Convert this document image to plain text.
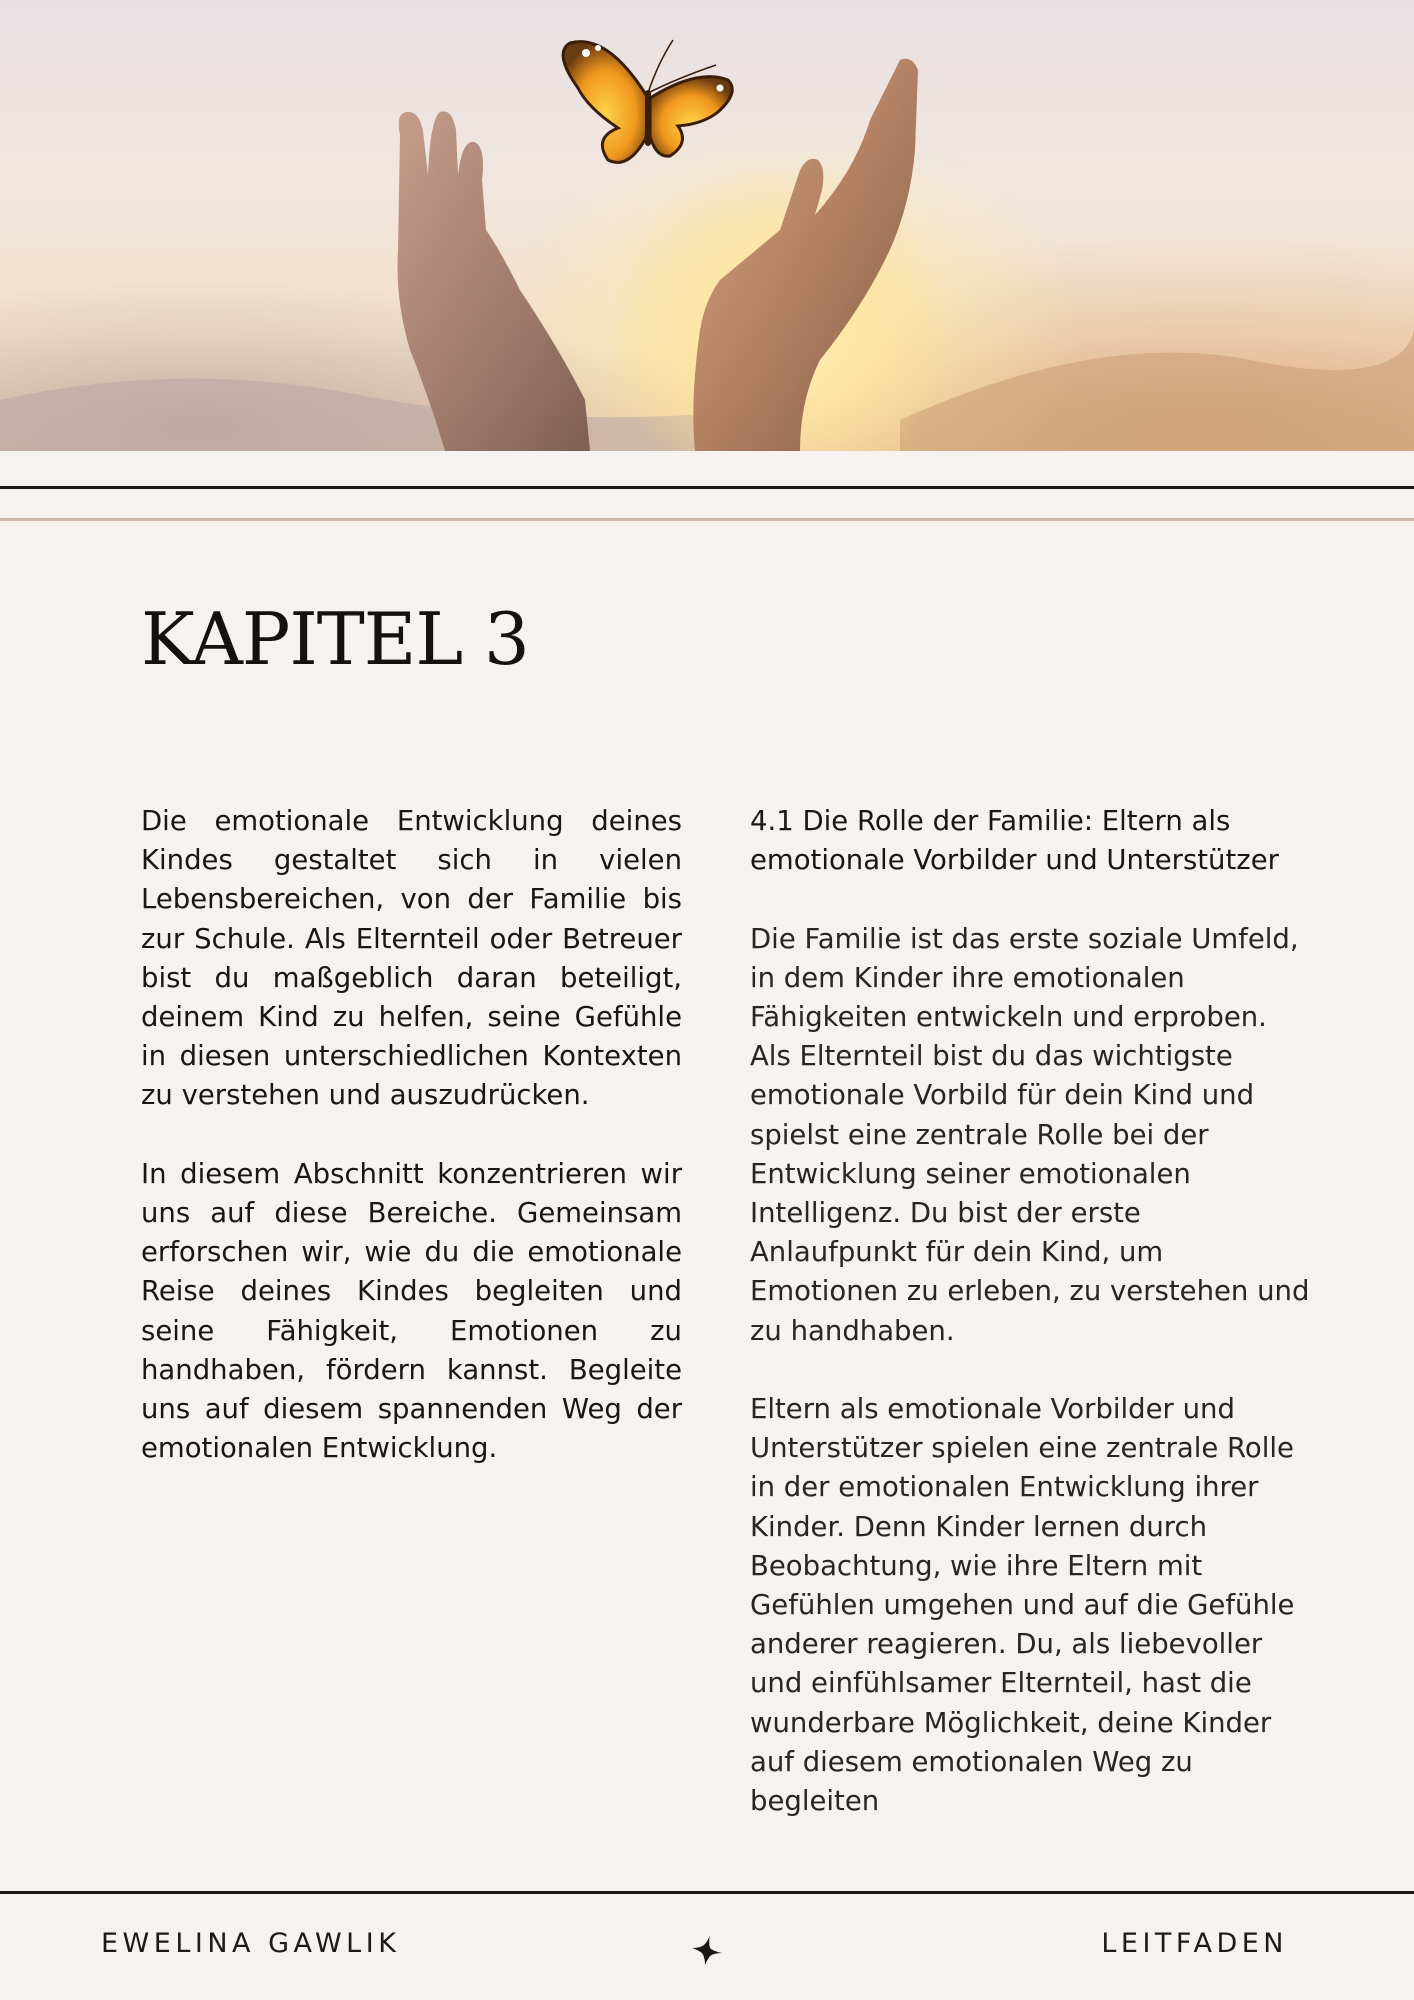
KAPITEL 3

Die emotionale Entwicklung deines Kindes gestaltet sich in vielen Lebensbereichen, von der Familie bis zur Schule. Als Elternteil oder Betreuer bist du maßgeblich daran beteiligt, deinem Kind zu helfen, seine Gefühle in diesen unterschiedlichen Kontexten zu verstehen und auszudrücken.

In diesem Abschnitt konzentrieren wir uns auf diese Bereiche. Gemeinsam erforschen wir, wie du die emotionale Reise deines Kindes begleiten und seine Fähigkeit, Emotionen zu handhaben, fördern kannst. Begleite uns auf diesem spannenden Weg der emotionalen Entwicklung.

4.1 Die Rolle der Familie: Eltern als emotionale Vorbilder und Unterstützer

Die Familie ist das erste soziale Umfeld, in dem Kinder ihre emotionalen Fähigkeiten entwickeln und erproben. Als Elternteil bist du das wichtigste emotionale Vorbild für dein Kind und spielst eine zentrale Rolle bei der Entwicklung seiner emotionalen Intelligenz. Du bist der erste Anlaufpunkt für dein Kind, um Emotionen zu erleben, zu verstehen und zu handhaben.

Eltern als emotionale Vorbilder und Unterstützer spielen eine zentrale Rolle in der emotionalen Entwicklung ihrer Kinder. Denn Kinder lernen durch Beobachtung, wie ihre Eltern mit Gefühlen umgehen und auf die Gefühle anderer reagieren. Du, als liebevoller und einfühlsamer Elternteil, hast die wunderbare Möglichkeit, deine Kinder auf diesem emotionalen Weg zu begleiten

EWELINA GAWLIK	LEITFADEN
